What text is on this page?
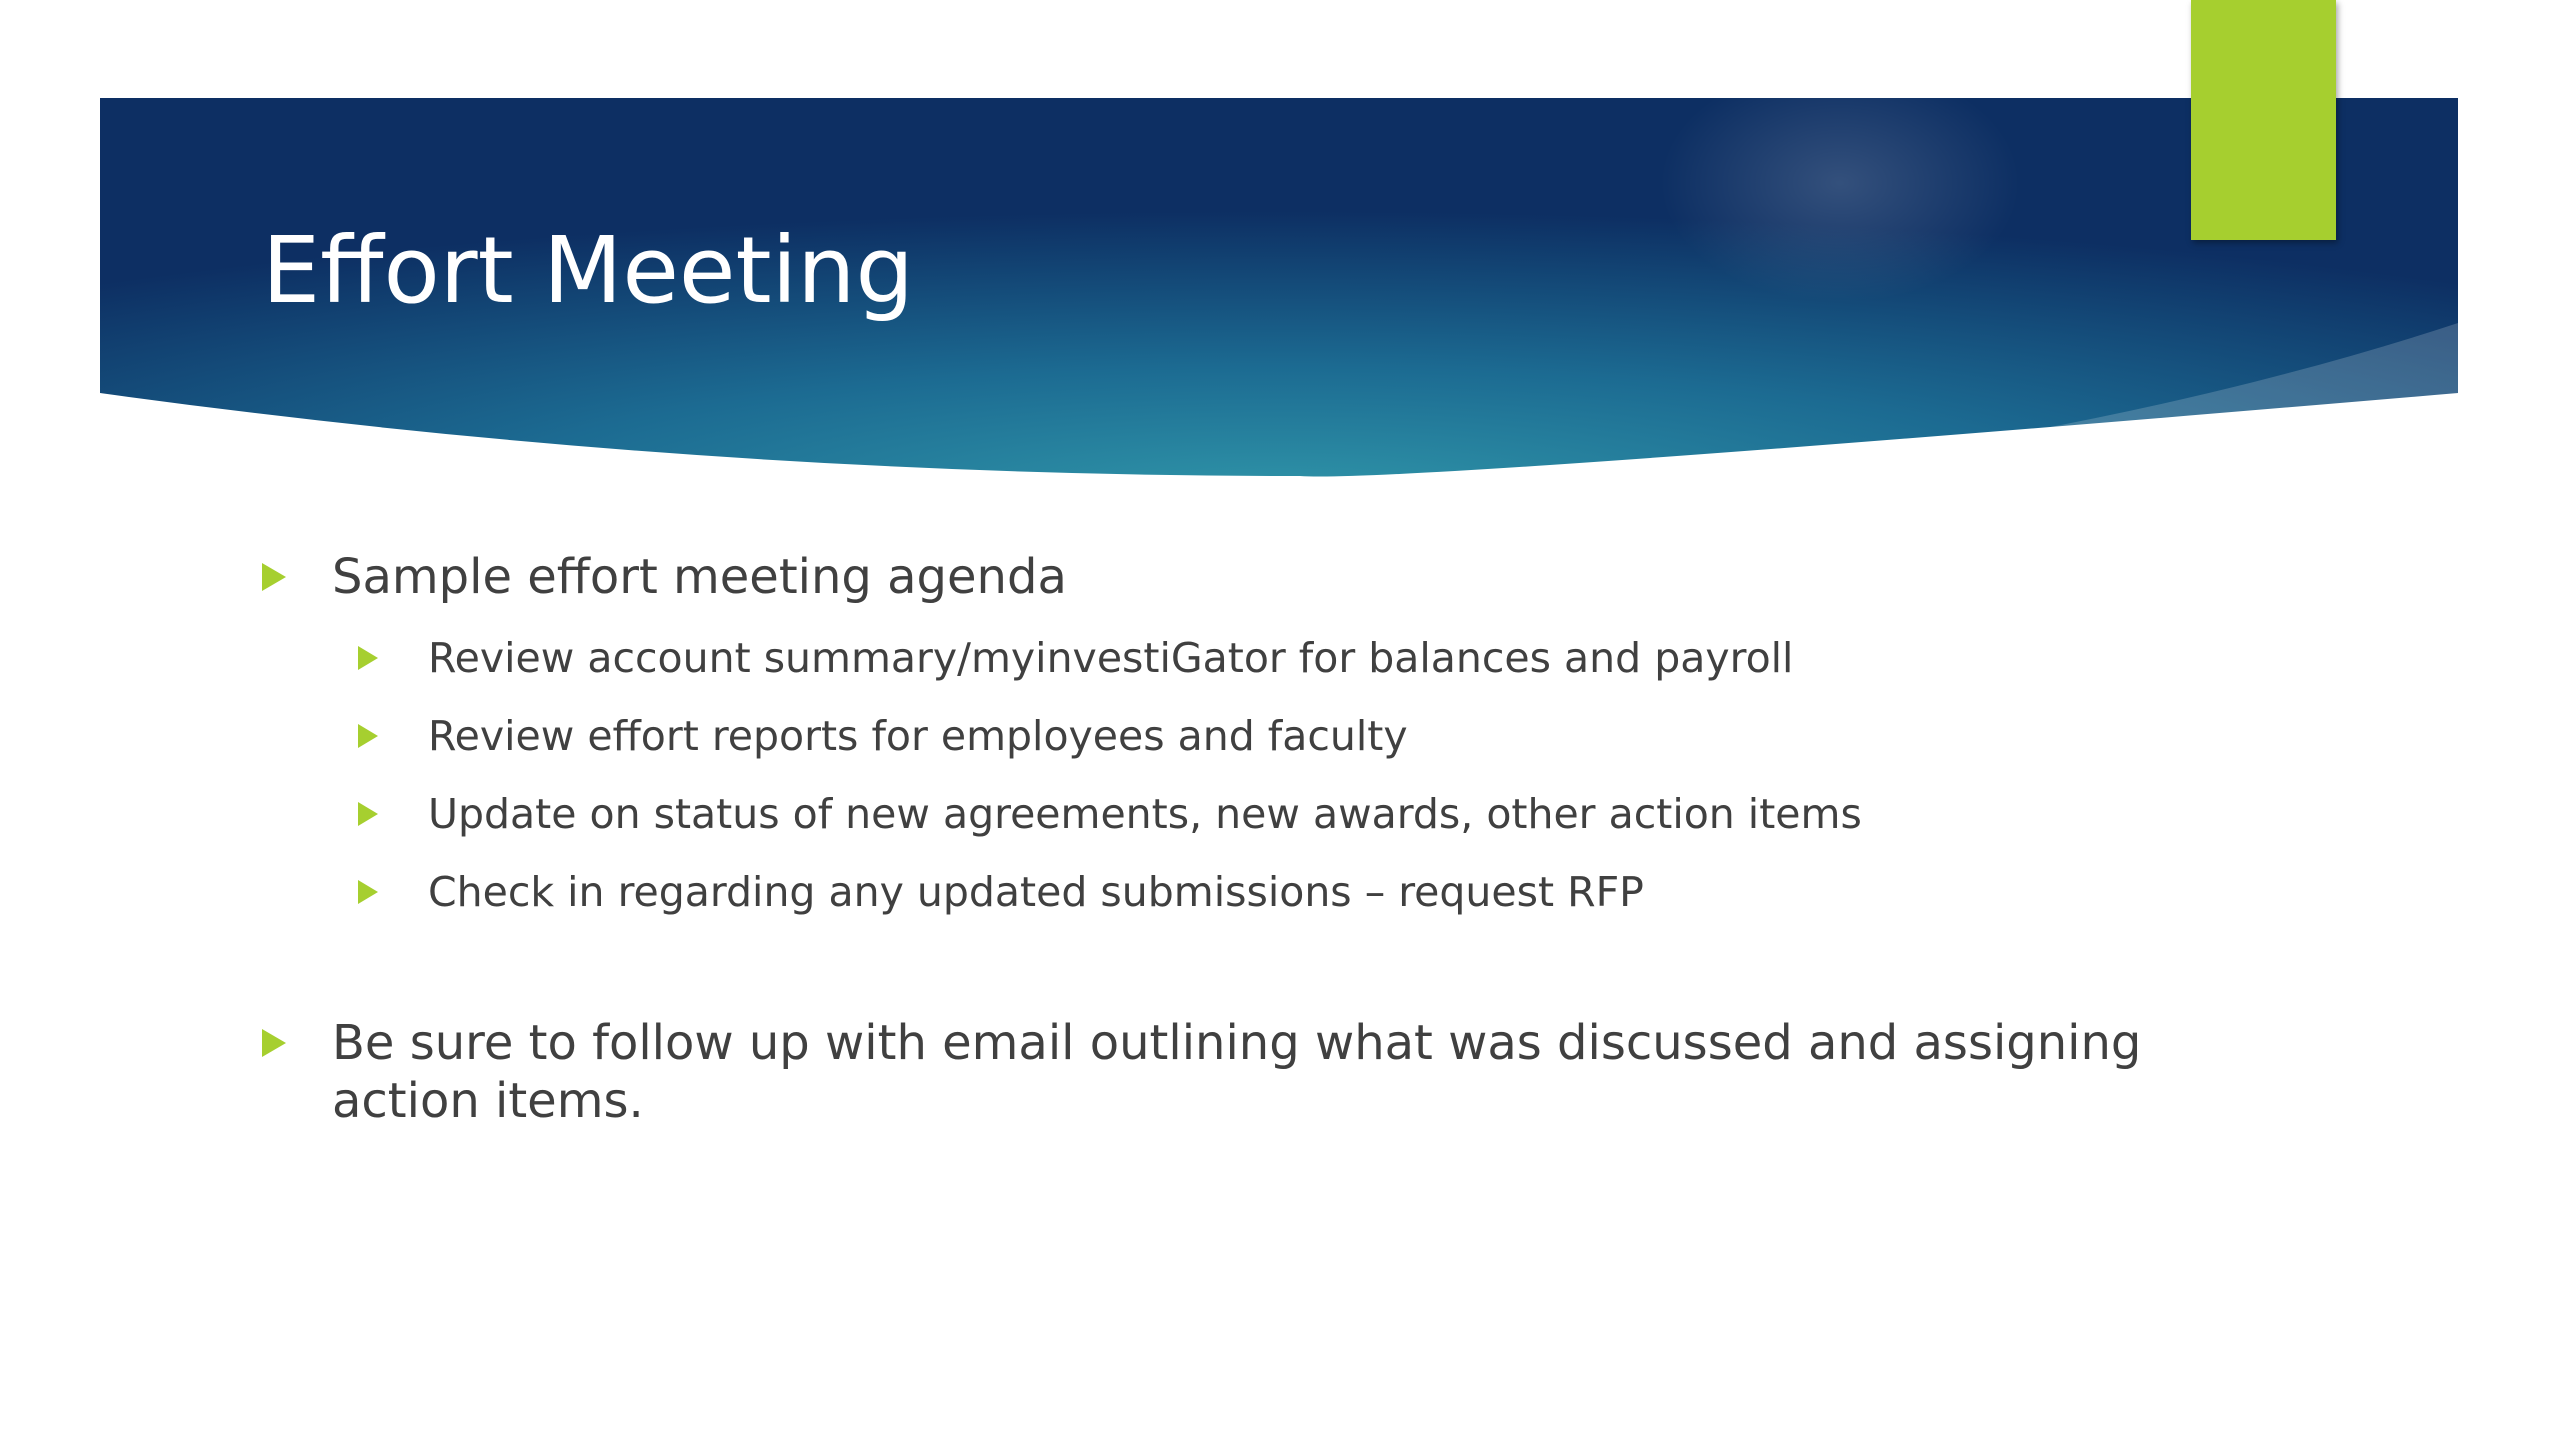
Effort Meeting
Sample effort meeting agenda
Review account summary/myinvestiGator for balances and payroll
Review effort reports for employees and faculty
Update on status of new agreements, new awards, other action items
Check in regarding any updated submissions – request RFP
Be sure to follow up with email outlining what was discussed and assigning action items.
